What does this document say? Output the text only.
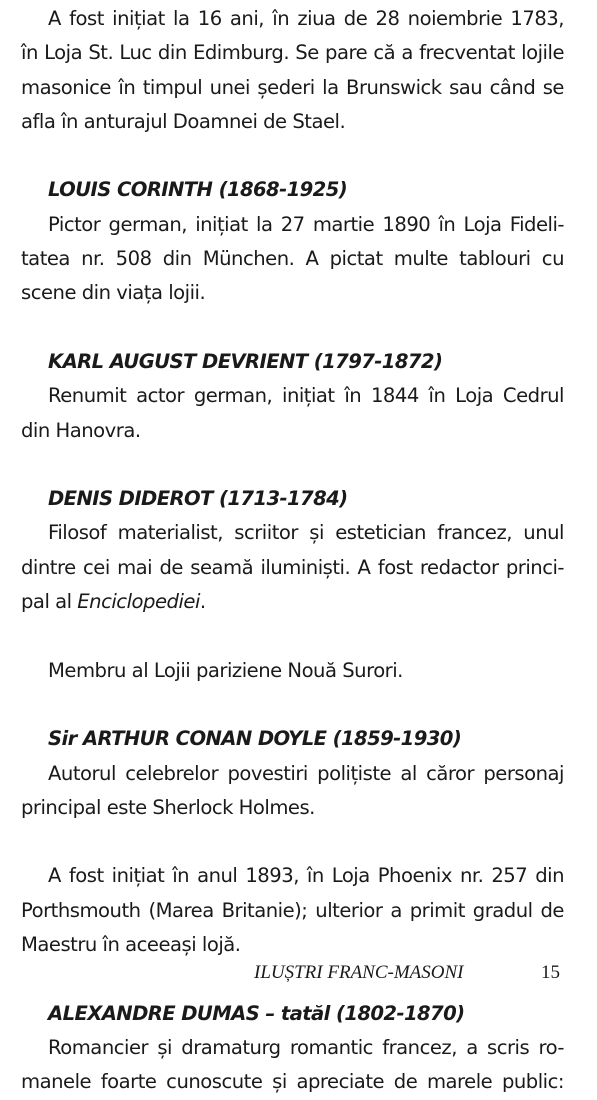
A fost inițiat la 16 ani, în ziua de 28 noiembrie 1783,
în Loja St. Luc din Edimburg. Se pare că a frecventat lojile
masonice în timpul unei șederi la Brunswick sau când se
afla în anturajul Doamnei de Stael.

LOUIS CORINTH (1868-1925)

Pictor german, inițiat la 27 martie 1890 în Loja Fideli-
tatea nr. 508 din München. A pictat multe tablouri cu
scene din viața lojii.

KARL AUGUST DEVRIENT (1797-1872)

Renumit actor german, inițiat în 1844 în Loja Cedrul
din Hanovra.

DENIS DIDEROT (1713-1784)

Filosof materialist, scriitor și estetician francez, unul
dintre cei mai de seamă iluminiști. A fost redactor princi-
pal al Enciclopediei.
Membru al Lojii pariziene Nouă Surori.

Sir ARTHUR CONAN DOYLE (1859-1930)

Autorul celebrelor povestiri polițiste al căror personaj
principal este Sherlock Holmes.
A fost inițiat în anul 1893, în Loja Phoenix nr. 257 din
Porthsmouth (Marea Britanie); ulterior a primit gradul de
Maestru în aceeași lojă.

ALEXANDRE DUMAS – tatăl (1802-1870)

Romancier și dramaturg romantic francez, a scris ro-
manele foarte cunoscute și apreciate de marele public:
ILUȘTRI FRANC-MASONI	15
